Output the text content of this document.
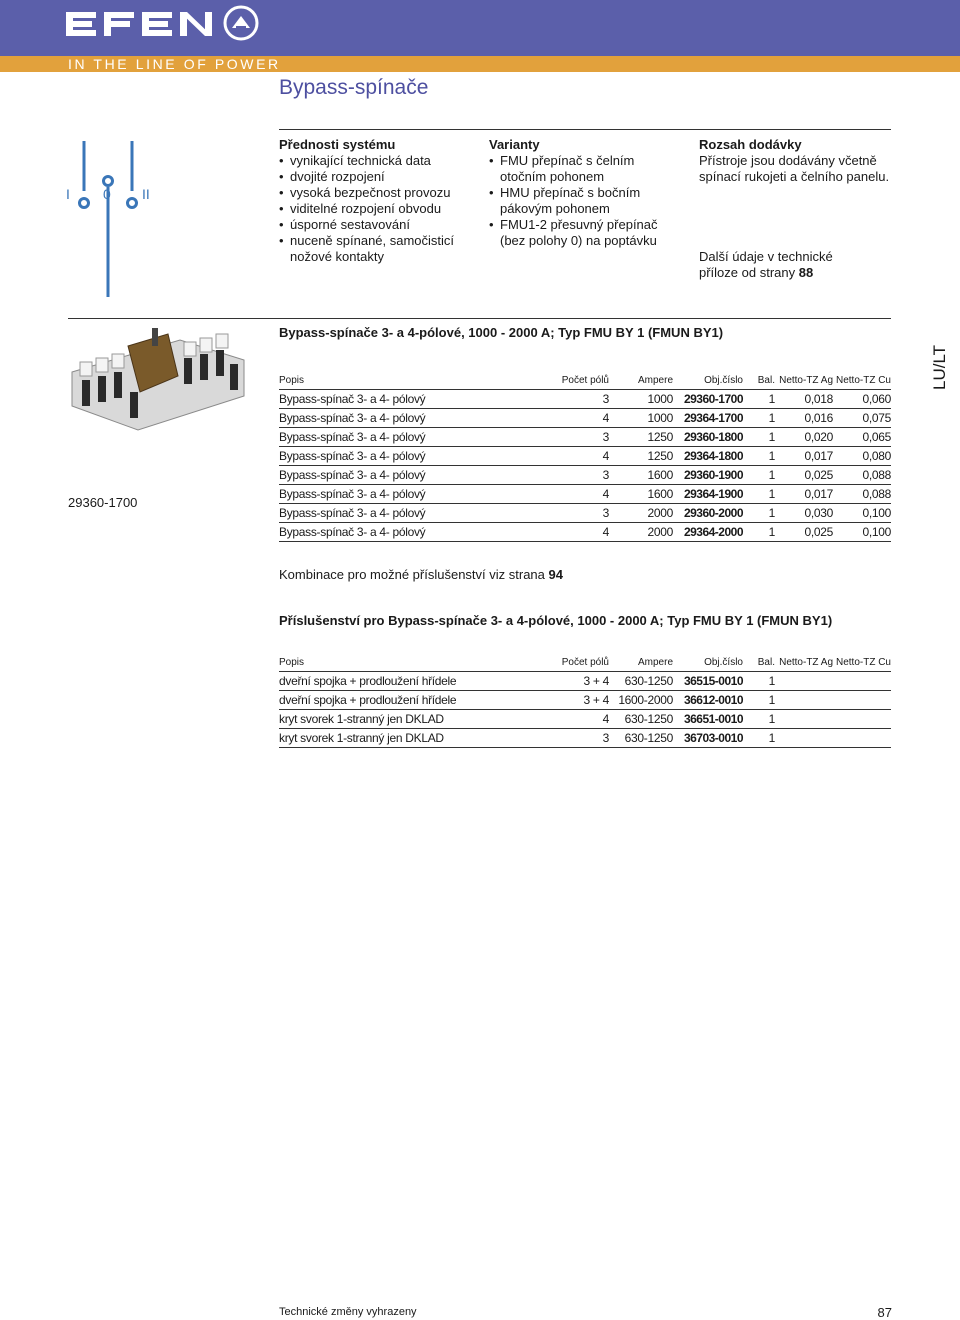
IN THE LINE OF POWER
Bypass-spínače
I 0 II
Přednosti systému
• vynikající technická data
• dvojité rozpojení
• vysoká bezpečnost provozu
• viditelné rozpojení obvodu
• úsporné sestavování
• nuceně spínané, samočisticí
nožové kontakty
Varianty
• FMU přepínač s čelním
otočním pohonem
• HMU přepínač s bočním
pákovým pohonem
• FMU1-2 přesuvný přepínač
(bez polohy 0) na poptávku
Rozsah dodávky
Přístroje jsou dodávány včetně
spínací rukojeti a čelního panelu.
Další údaje v technické
příloze od strany 88
29360-1700
LU/LT
Bypass-spínače 3- a 4-pólové, 1000 - 2000 A; Typ FMU BY 1 (FMUN BY1)
Popis	Počet pólů	Ampere	Obj.číslo	Bal.	Netto-TZ Ag	Netto-TZ Cu
Bypass-spínač 3- a 4- pólový	3	1000	29360-1700	1	0,018	0,060
Bypass-spínač 3- a 4- pólový	4	1000	29364-1700	1	0,016	0,075
Bypass-spínač 3- a 4- pólový	3	1250	29360-1800	1	0,020	0,065
Bypass-spínač 3- a 4- pólový	4	1250	29364-1800	1	0,017	0,080
Bypass-spínač 3- a 4- pólový	3	1600	29360-1900	1	0,025	0,088
Bypass-spínač 3- a 4- pólový	4	1600	29364-1900	1	0,017	0,088
Bypass-spínač 3- a 4- pólový	3	2000	29360-2000	1	0,030	0,100
Bypass-spínač 3- a 4- pólový	4	2000	29364-2000	1	0,025	0,100
Kombinace pro možné příslušenství viz strana 94
Příslušenství pro Bypass-spínače 3- a 4-pólové, 1000 - 2000 A; Typ FMU BY 1 (FMUN BY1)
Popis	Počet pólů	Ampere	Obj.číslo	Bal.	Netto-TZ Ag	Netto-TZ Cu
dveřní spojka + prodloužení hřídele	3 + 4	630-1250	36515-0010	1		
dveřní spojka + prodloužení hřídele	3 + 4	1600-2000	36612-0010	1		
kryt svorek 1-stranný jen DKLAD	4	630-1250	36651-0010	1		
kryt svorek 1-stranný jen DKLAD	3	630-1250	36703-0010	1		
Technické změny vyhrazeny	87
